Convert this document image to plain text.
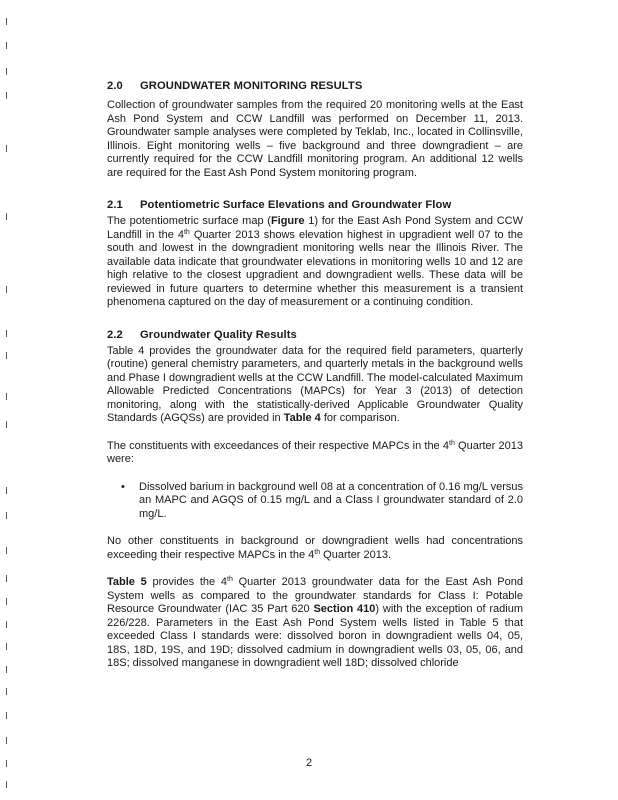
2.0 GROUNDWATER MONITORING RESULTS

Collection of groundwater samples from the required 20 monitoring wells at the East Ash Pond System and CCW Landfill was performed on December 11, 2013. Groundwater sample analyses were completed by Teklab, Inc., located in Collinsville, Illinois. Eight monitoring wells – five background and three downgradient – are currently required for the CCW Landfill monitoring program. An additional 12 wells are required for the East Ash Pond System monitoring program.

2.1 Potentiometric Surface Elevations and Groundwater Flow

The potentiometric surface map (Figure 1) for the East Ash Pond System and CCW Landfill in the 4th Quarter 2013 shows elevation highest in upgradient well 07 to the south and lowest in the downgradient monitoring wells near the Illinois River. The available data indicate that groundwater elevations in monitoring wells 10 and 12 are high relative to the closest upgradient and downgradient wells. These data will be reviewed in future quarters to determine whether this measurement is a transient phenomena captured on the day of measurement or a continuing condition.

2.2 Groundwater Quality Results

Table 4 provides the groundwater data for the required field parameters, quarterly (routine) general chemistry parameters, and quarterly metals in the background wells and Phase I downgradient wells at the CCW Landfill. The model-calculated Maximum Allowable Predicted Concentrations (MAPCs) for Year 3 (2013) of detection monitoring, along with the statistically-derived Applicable Groundwater Quality Standards (AGQSs) are provided in Table 4 for comparison.

The constituents with exceedances of their respective MAPCs in the 4th Quarter 2013 were:

• Dissolved barium in background well 08 at a concentration of 0.16 mg/L versus an MAPC and AGQS of 0.15 mg/L and a Class I groundwater standard of 2.0 mg/L.

No other constituents in background or downgradient wells had concentrations exceeding their respective MAPCs in the 4th Quarter 2013.

Table 5 provides the 4th Quarter 2013 groundwater data for the East Ash Pond System wells as compared to the groundwater standards for Class I: Potable Resource Groundwater (IAC 35 Part 620 Section 410) with the exception of radium 226/228. Parameters in the East Ash Pond System wells listed in Table 5 that exceeded Class I standards were: dissolved boron in downgradient wells 04, 05, 18S, 18D, 19S, and 19D; dissolved cadmium in downgradient wells 03, 05, 06, and 18S; dissolved manganese in downgradient well 18D; dissolved chloride

2
